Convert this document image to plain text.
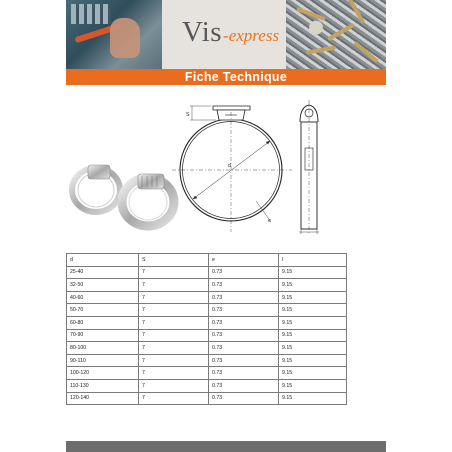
Vis -express
Fiche Technique
S
d
e
d	S	e	l
25-40	7	0.73	9.15
32-50	7	0.73	9.15
40-60	7	0.73	9.15
50-70	7	0.73	9.15
60-80	7	0.73	9.15
70-90	7	0.73	9.15
80-100	7	0.73	9.15
90-110	7	0.73	9.15
100-120	7	0.73	9.15
110-130	7	0.73	9.15
120-140	7	0.73	9.15
